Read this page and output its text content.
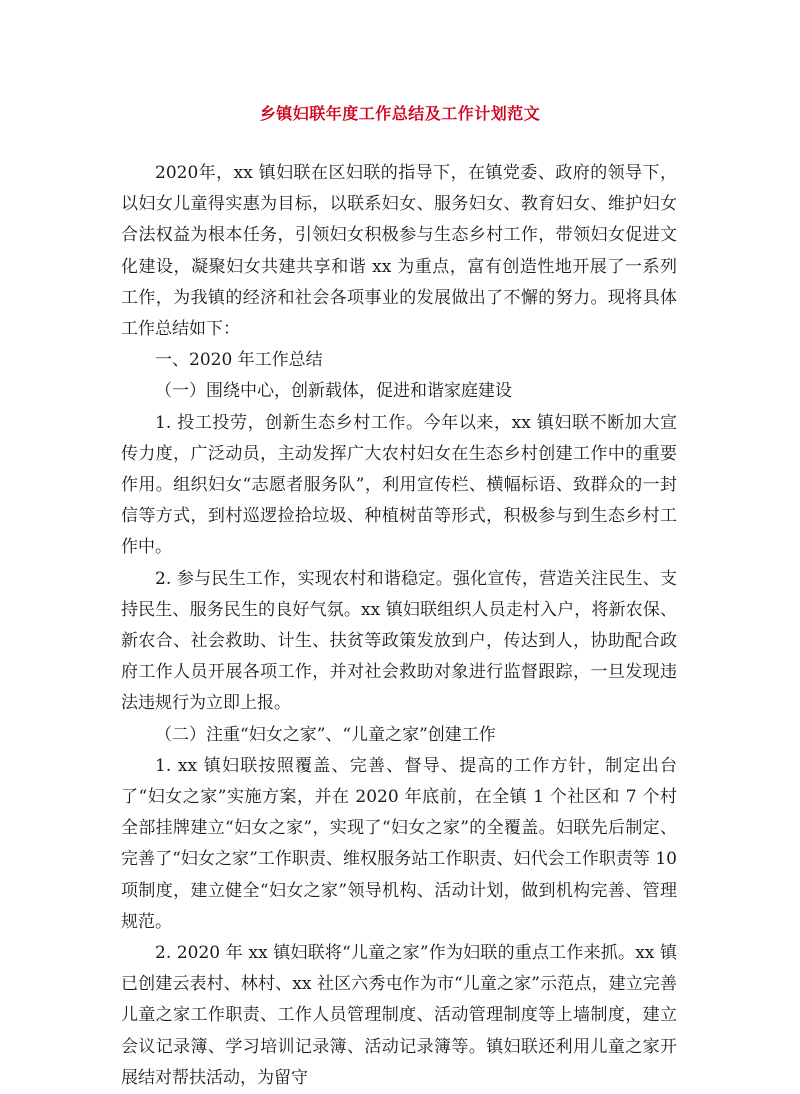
乡镇妇联年度工作总结及工作计划范文

2020年，xx 镇妇联在区妇联的指导下，在镇党委、政府的领导下，以妇女儿童得实惠为目标，以联系妇女、服务妇女、教育妇女、维护妇女合法权益为根本任务，引领妇女积极参与生态乡村工作，带领妇女促进文化建设，凝聚妇女共建共享和谐 xx 为重点，富有创造性地开展了一系列工作，为我镇的经济和社会各项事业的发展做出了不懈的努力。现将具体工作总结如下：

一、2020 年工作总结

（一）围绕中心，创新载体，促进和谐家庭建设

1. 投工投劳，创新生态乡村工作。今年以来，xx 镇妇联不断加大宣传力度，广泛动员，主动发挥广大农村妇女在生态乡村创建工作中的重要作用。组织妇女“志愿者服务队”，利用宣传栏、横幅标语、致群众的一封信等方式，到村巡逻捡拾垃圾、种植树苗等形式，积极参与到生态乡村工作中。

2. 参与民生工作，实现农村和谐稳定。强化宣传，营造关注民生、支持民生、服务民生的良好气氛。xx 镇妇联组织人员走村入户，将新农保、新农合、社会救助、计生、扶贫等政策发放到户，传达到人，协助配合政府工作人员开展各项工作，并对社会救助对象进行监督跟踪，一旦发现违法违规行为立即上报。

（二）注重“妇女之家”、“儿童之家”创建工作

1. xx 镇妇联按照覆盖、完善、督导、提高的工作方针，制定出台了“妇女之家”实施方案，并在 2020 年底前，在全镇 1 个社区和 7 个村全部挂牌建立“妇女之家”，实现了“妇女之家”的全覆盖。妇联先后制定、完善了“妇女之家”工作职责、维权服务站工作职责、妇代会工作职责等 10 项制度，建立健全“妇女之家”领导机构、活动计划，做到机构完善、管理规范。

2. 2020 年 xx 镇妇联将“儿童之家”作为妇联的重点工作来抓。xx 镇已创建云表村、林村、xx 社区六秀屯作为市“儿童之家”示范点，建立完善儿童之家工作职责、工作人员管理制度、活动管理制度等上墙制度，建立会议记录簿、学习培训记录簿、活动记录簿等。镇妇联还利用儿童之家开展结对帮扶活动，为留守
